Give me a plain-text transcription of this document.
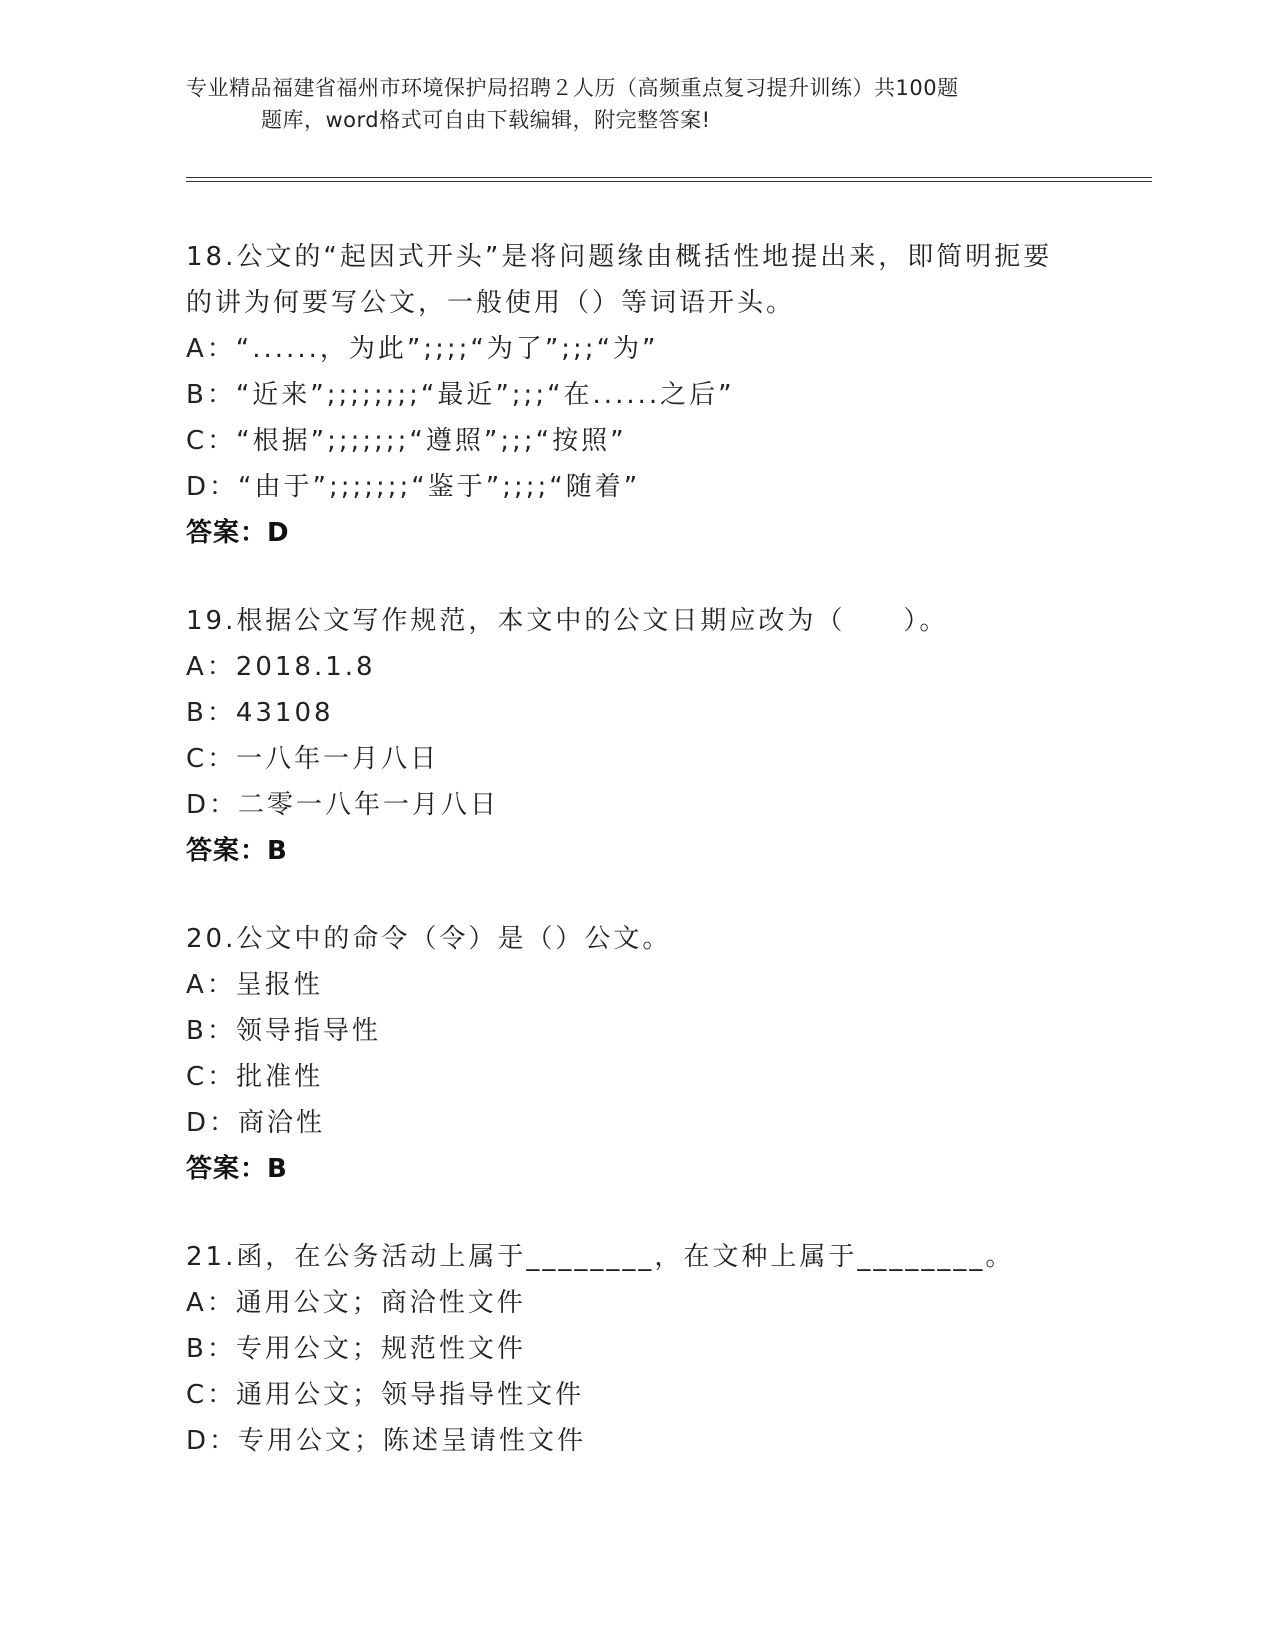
专业精品福建省福州市环境保护局招聘２人历（高频重点复习提升训练）共100题
题库，word格式可自由下载编辑，附完整答案!
18.公文的“起因式开头”是将问题缘由概括性地提出来，即简明扼要
的讲为何要写公文，一般使用（）等词语开头。
A：“......，为此”;;;;“为了”;;;“为”
B：“近来”;;;;;;;;“最近”;;;“在......之后”
C：“根据”;;;;;;;“遵照”;;;“按照”
D：“由于”;;;;;;;“鉴于”;;;;“随着”
答案：D
19.根据公文写作规范，本文中的公文日期应改为（　　）。
A：2018.1.8
B：43108
C：一八年一月八日
D：二零一八年一月八日
答案：B
20.公文中的命令（令）是（）公文。
A：呈报性
B：领导指导性
C：批准性
D：商洽性
答案：B
21.函，在公务活动上属于________，在文种上属于________。
A：通用公文；商洽性文件
B：专用公文；规范性文件
C：通用公文；领导指导性文件
D：专用公文；陈述呈请性文件
